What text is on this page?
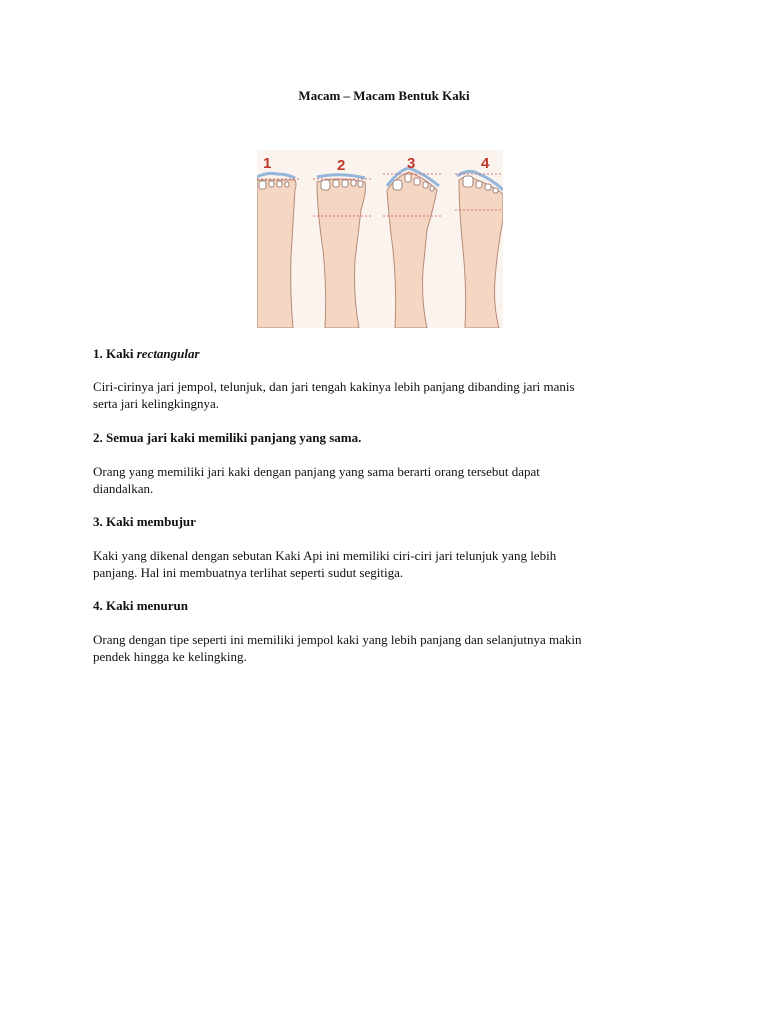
Macam – Macam Bentuk Kaki
1	2	3	4
1. Kaki rectangular
Ciri-cirinya jari jempol, telunjuk, dan jari tengah kakinya lebih panjang dibanding jari manis
serta jari kelingkingnya.
2. Semua jari kaki memiliki panjang yang sama.
Orang yang memiliki jari kaki dengan panjang yang sama berarti orang tersebut dapat
diandalkan.
3. Kaki membujur
Kaki yang dikenal dengan sebutan Kaki Api ini memiliki ciri-ciri jari telunjuk yang lebih
panjang. Hal ini membuatnya terlihat seperti sudut segitiga.
4. Kaki menurun
Orang dengan tipe seperti ini memiliki jempol kaki yang lebih panjang dan selanjutnya makin
pendek hingga ke kelingking.
